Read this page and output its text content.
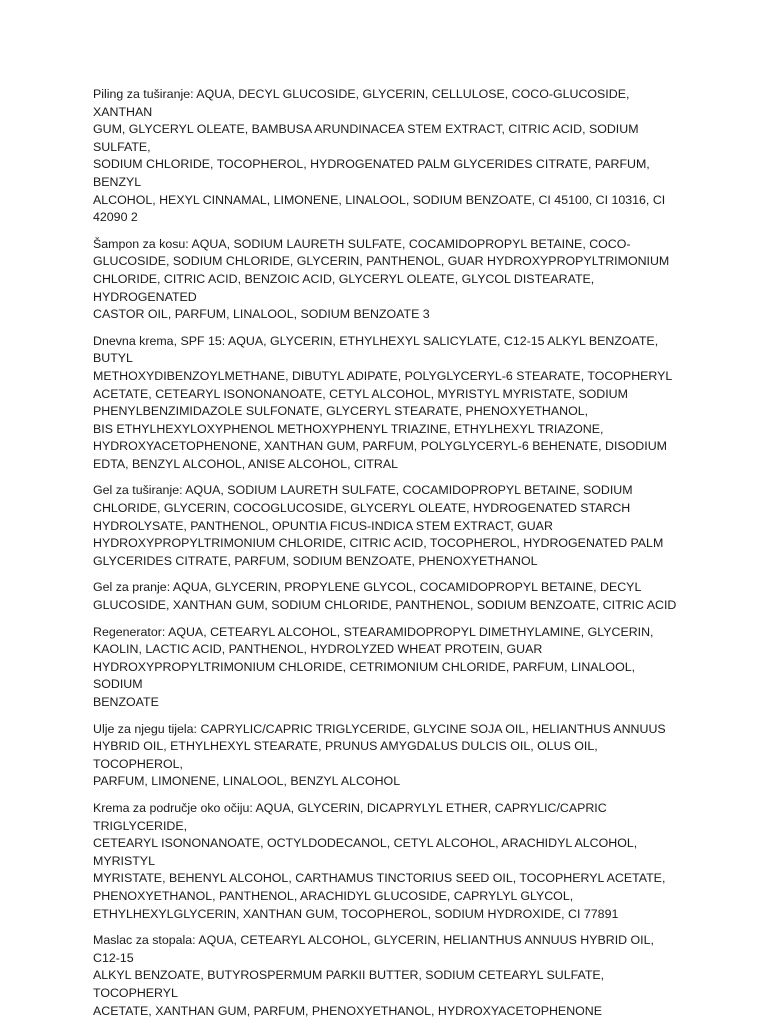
Piling za tuširanje: AQUA, DECYL GLUCOSIDE, GLYCERIN, CELLULOSE, COCO-GLUCOSIDE, XANTHAN
GUM, GLYCERYL OLEATE, BAMBUSA ARUNDINACEA STEM EXTRACT, CITRIC ACID, SODIUM SULFATE,
SODIUM CHLORIDE, TOCOPHEROL, HYDROGENATED PALM GLYCERIDES CITRATE, PARFUM, BENZYL
ALCOHOL, HEXYL CINNAMAL, LIMONENE, LINALOOL, SODIUM BENZOATE, CI 45100, CI 10316, CI
42090 2

Šampon za kosu: AQUA, SODIUM LAURETH SULFATE, COCAMIDOPROPYL BETAINE, COCO-
GLUCOSIDE, SODIUM CHLORIDE, GLYCERIN, PANTHENOL, GUAR HYDROXYPROPYLTRIMONIUM
CHLORIDE, CITRIC ACID, BENZOIC ACID, GLYCERYL OLEATE, GLYCOL DISTEARATE, HYDROGENATED
CASTOR OIL, PARFUM, LINALOOL, SODIUM BENZOATE 3

Dnevna krema, SPF 15: AQUA, GLYCERIN, ETHYLHEXYL SALICYLATE, C12-15 ALKYL BENZOATE, BUTYL
METHOXYDIBENZOYLMETHANE, DIBUTYL ADIPATE, POLYGLYCERYL-6 STEARATE, TOCOPHERYL
ACETATE, CETEARYL ISONONANOATE, CETYL ALCOHOL, MYRISTYL MYRISTATE, SODIUM
PHENYLBENZIMIDAZOLE SULFONATE, GLYCERYL STEARATE, PHENOXYETHANOL,
BIS ETHYLHEXYLOXYPHENOL METHOXYPHENYL TRIAZINE, ETHYLHEXYL TRIAZONE,
HYDROXYACETOPHENONE, XANTHAN GUM, PARFUM, POLYGLYCERYL-6 BEHENATE, DISODIUM
EDTA, BENZYL ALCOHOL, ANISE ALCOHOL, CITRAL

Gel za tuširanje: AQUA, SODIUM LAURETH SULFATE, COCAMIDOPROPYL BETAINE, SODIUM
CHLORIDE, GLYCERIN, COCOGLUCOSIDE, GLYCERYL OLEATE, HYDROGENATED STARCH
HYDROLYSATE, PANTHENOL, OPUNTIA FICUS-INDICA STEM EXTRACT, GUAR
HYDROXYPROPYLTRIMONIUM CHLORIDE, CITRIC ACID, TOCOPHEROL, HYDROGENATED PALM
GLYCERIDES CITRATE, PARFUM, SODIUM BENZOATE, PHENOXYETHANOL

Gel za pranje: AQUA, GLYCERIN, PROPYLENE GLYCOL, COCAMIDOPROPYL BETAINE, DECYL
GLUCOSIDE, XANTHAN GUM, SODIUM CHLORIDE, PANTHENOL, SODIUM BENZOATE, CITRIC ACID

Regenerator: AQUA, CETEARYL ALCOHOL, STEARAMIDOPROPYL DIMETHYLAMINE, GLYCERIN,
KAOLIN, LACTIC ACID, PANTHENOL, HYDROLYZED WHEAT PROTEIN, GUAR
HYDROXYPROPYLTRIMONIUM CHLORIDE, CETRIMONIUM CHLORIDE, PARFUM, LINALOOL, SODIUM
BENZOATE

Ulje za njegu tijela: CAPRYLIC/CAPRIC TRIGLYCERIDE, GLYCINE SOJA OIL, HELIANTHUS ANNUUS
HYBRID OIL, ETHYLHEXYL STEARATE, PRUNUS AMYGDALUS DULCIS OIL, OLUS OIL, TOCOPHEROL,
PARFUM, LIMONENE, LINALOOL, BENZYL ALCOHOL

Krema za područje oko očiju: AQUA, GLYCERIN, DICAPRYLYL ETHER, CAPRYLIC/CAPRIC TRIGLYCERIDE,
CETEARYL ISONONANOATE, OCTYLDODECANOL, CETYL ALCOHOL, ARACHIDYL ALCOHOL, MYRISTYL
MYRISTATE, BEHENYL ALCOHOL, CARTHAMUS TINCTORIUS SEED OIL, TOCOPHERYL ACETATE,
PHENOXYETHANOL, PANTHENOL, ARACHIDYL GLUCOSIDE, CAPRYLYL GLYCOL,
ETHYLHEXYLGLYCERIN, XANTHAN GUM, TOCOPHEROL, SODIUM HYDROXIDE, CI 77891

Maslac za stopala: AQUA, CETEARYL ALCOHOL, GLYCERIN, HELIANTHUS ANNUUS HYBRID OIL, C12-15
ALKYL BENZOATE, BUTYROSPERMUM PARKII BUTTER, SODIUM CETEARYL SULFATE, TOCOPHERYL
ACETATE, XANTHAN GUM, PARFUM, PHENOXYETHANOL, HYDROXYACETOPHENONE
